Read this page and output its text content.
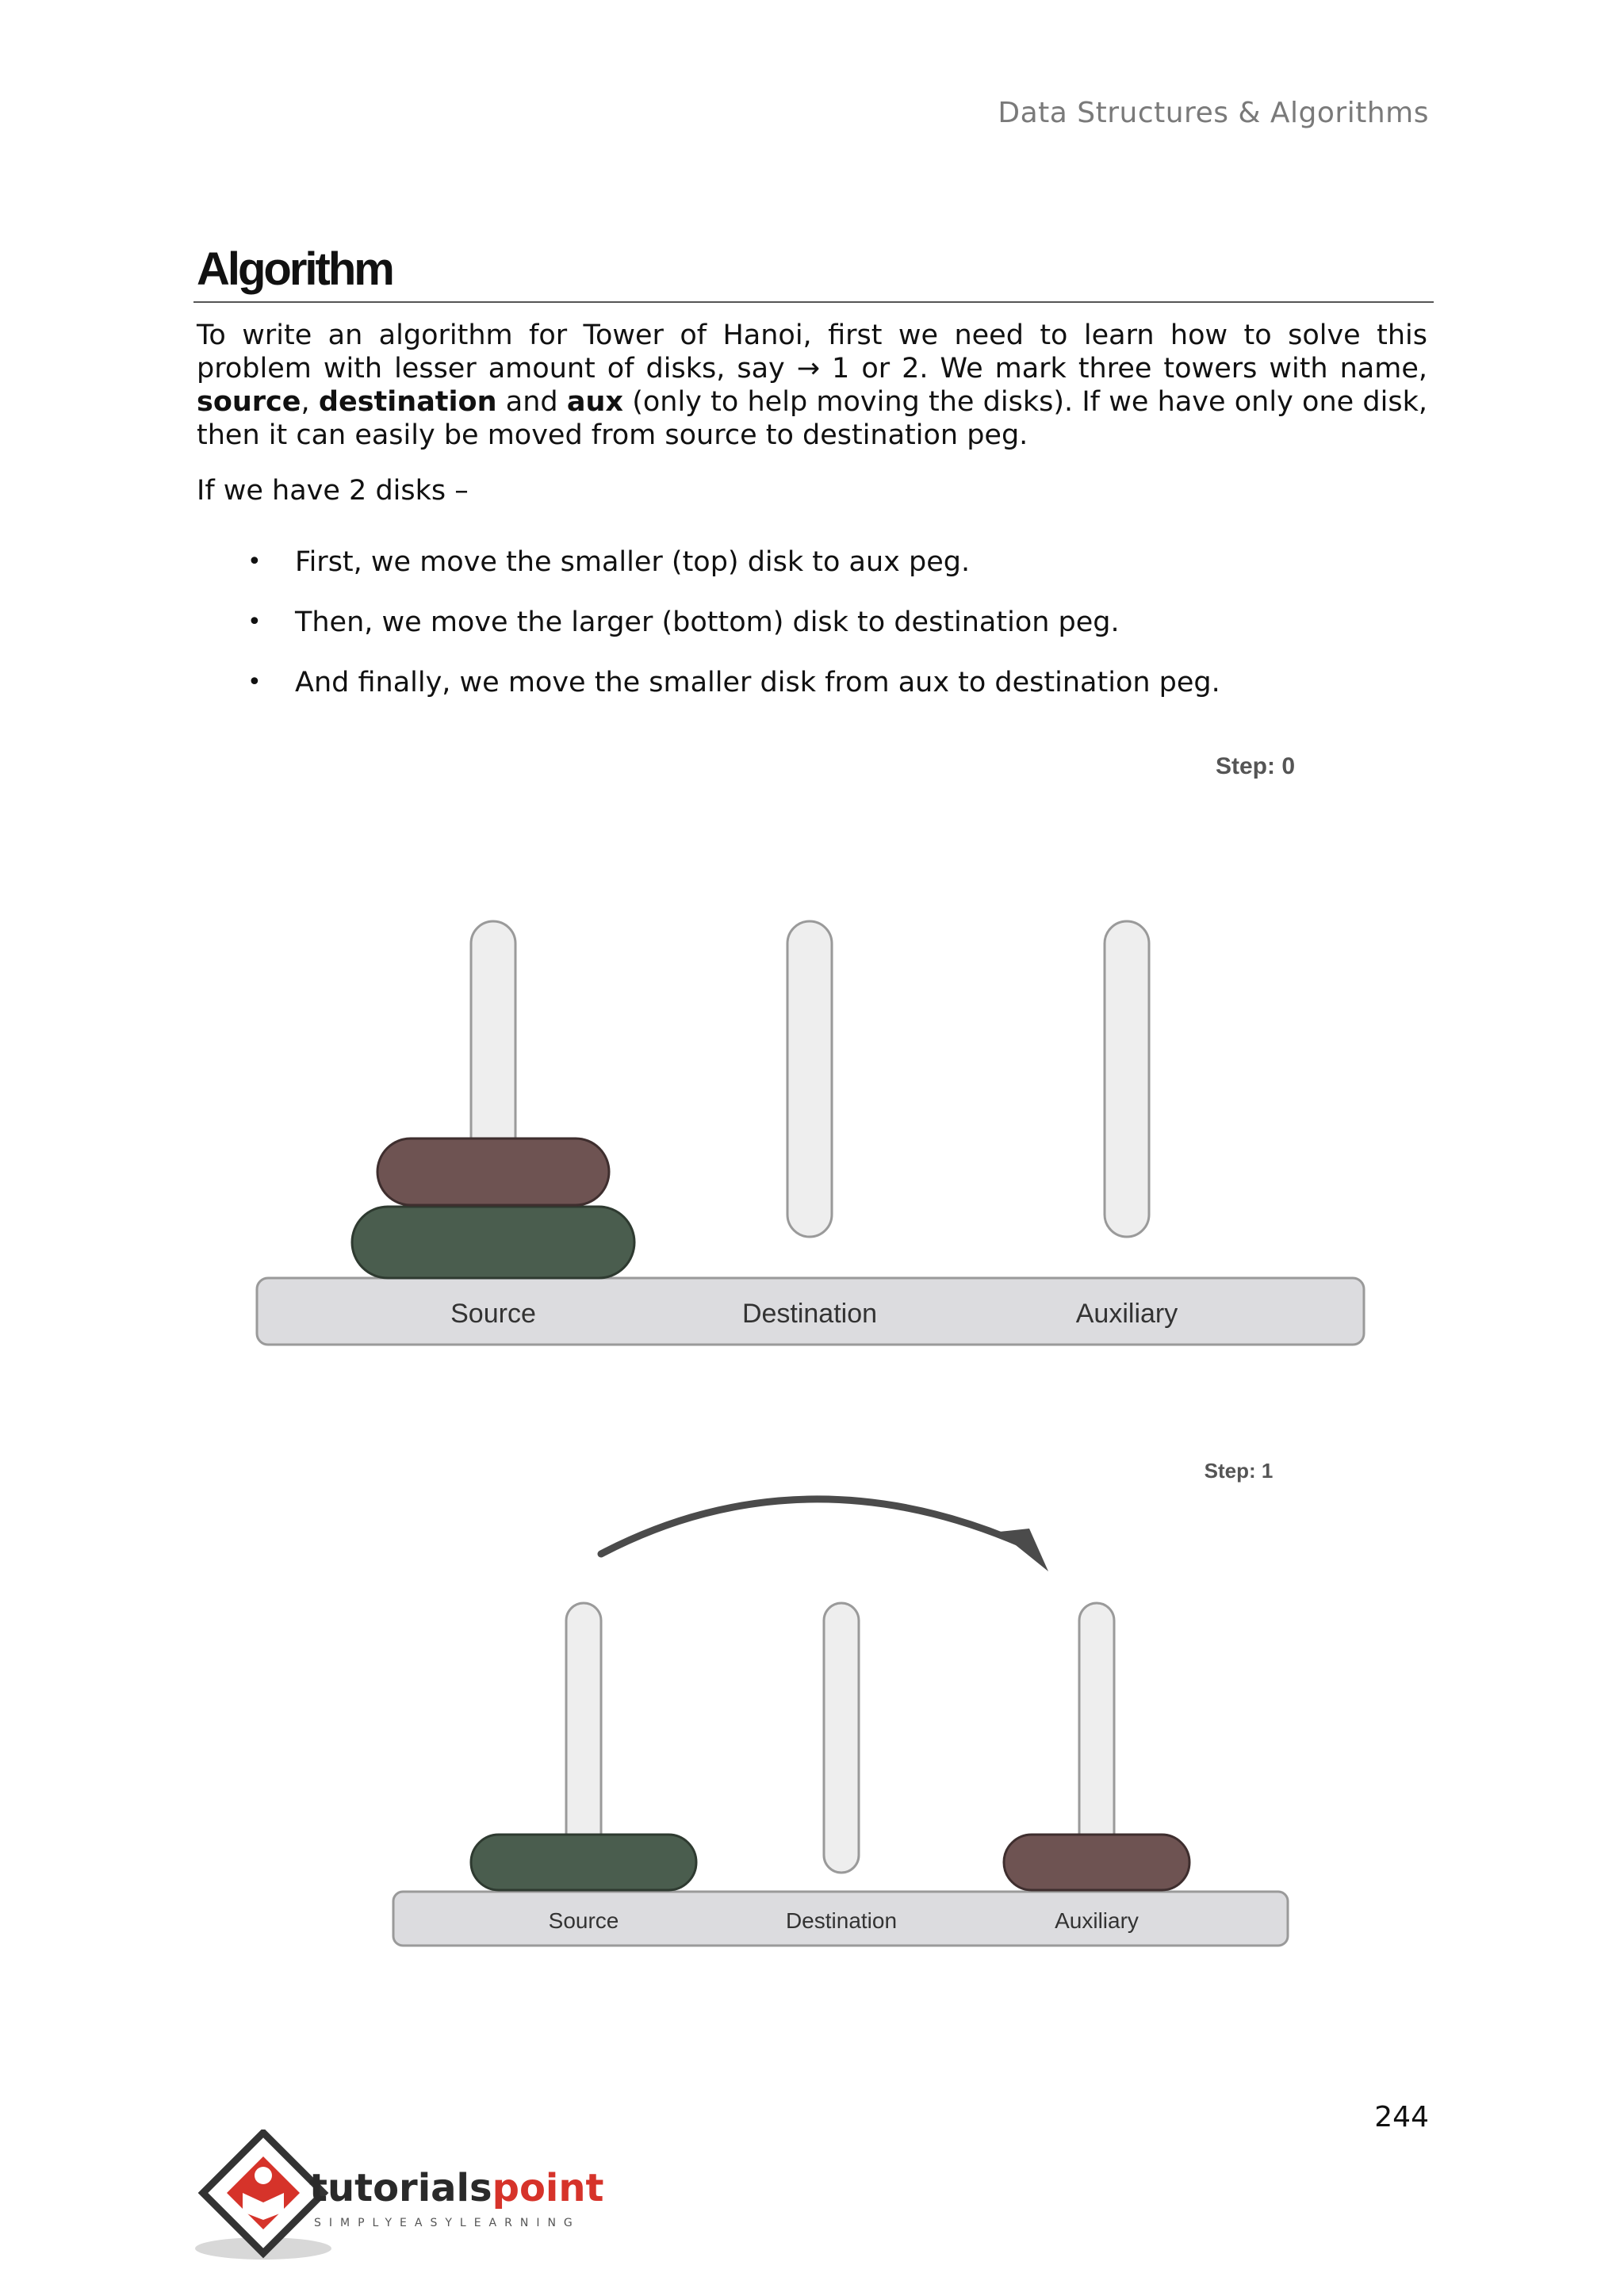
Data Structures & Algorithms
Algorithm
To write an algorithm for Tower of Hanoi, first we need to learn how to solve this problem with lesser amount of disks, say → 1 or 2. We mark three towers with name, source, destination and aux (only to help moving the disks). If we have only one disk, then it can easily be moved from source to destination peg.
If we have 2 disks –
• First, we move the smaller (top) disk to aux peg.
• Then, we move the larger (bottom) disk to destination peg.
• And finally, we move the smaller disk from aux to destination peg.
Step: 0
Source	Destination	Auxiliary
Step: 1
Source	Destination	Auxiliary
244
tutorialspoint
SIMPLYEASYLEARNING
